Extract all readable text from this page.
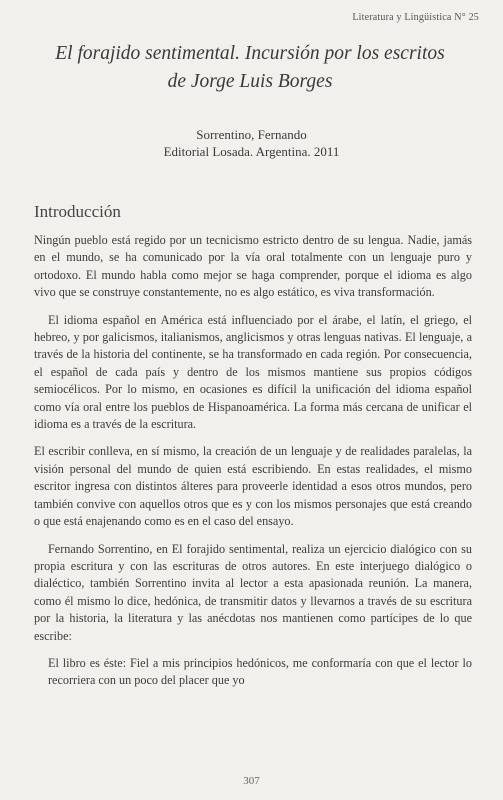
Literatura y Lingüística N° 25
El forajido sentimental. Incursión por los escritos de Jorge Luis Borges
Sorrentino, Fernando
Editorial Losada. Argentina. 2011
Introducción

Ningún pueblo está regido por un tecnicismo estricto dentro de su lengua. Nadie, jamás en el mundo, se ha comunicado por la vía oral totalmente con un lenguaje puro y ortodoxo. El mundo habla como mejor se haga comprender, porque el idioma es algo vivo que se construye constantemente, no es algo estático, es viva transformación.

El idioma español en América está influenciado por el árabe, el latín, el griego, el hebreo, y por galicismos, italianismos, anglicismos y otras lenguas nativas. El lenguaje, a través de la historia del continente, se ha transformado en cada región. Por consecuencia, el español de cada país y dentro de los mismos mantiene sus propios códigos semiocélicos. Por lo mismo, en ocasiones es difícil la unificación del idioma español como vía oral entre los pueblos de Hispanoamérica. La forma más cercana de unificar el idioma es a través de la escritura.

El escribir conlleva, en sí mismo, la creación de un lenguaje y de realidades paralelas, la visión personal del mundo de quien está escribiendo. En estas realidades, el mismo escritor ingresa con distintos álteres para proveerle identidad a esos otros mundos, pero también convive con aquellos otros que es y con los mismos personajes que está creando o que está enajenando como es en el caso del ensayo.

Fernando Sorrentino, en El forajido sentimental, realiza un ejercicio dialógico con su propia escritura y con las escrituras de otros autores. En este interjuego dialógico o dialéctico, también Sorrentino invita al lector a esta apasionada reunión. La manera, como él mismo lo dice, hedónica, de transmitir datos y llevarnos a través de su escritura por la historia, la literatura y las anécdotas nos mantienen como partícipes de lo que escribe:

El libro es éste: Fiel a mis principios hedónicos, me conformaría con que el lector lo recorriera con un poco del placer que yo

307
